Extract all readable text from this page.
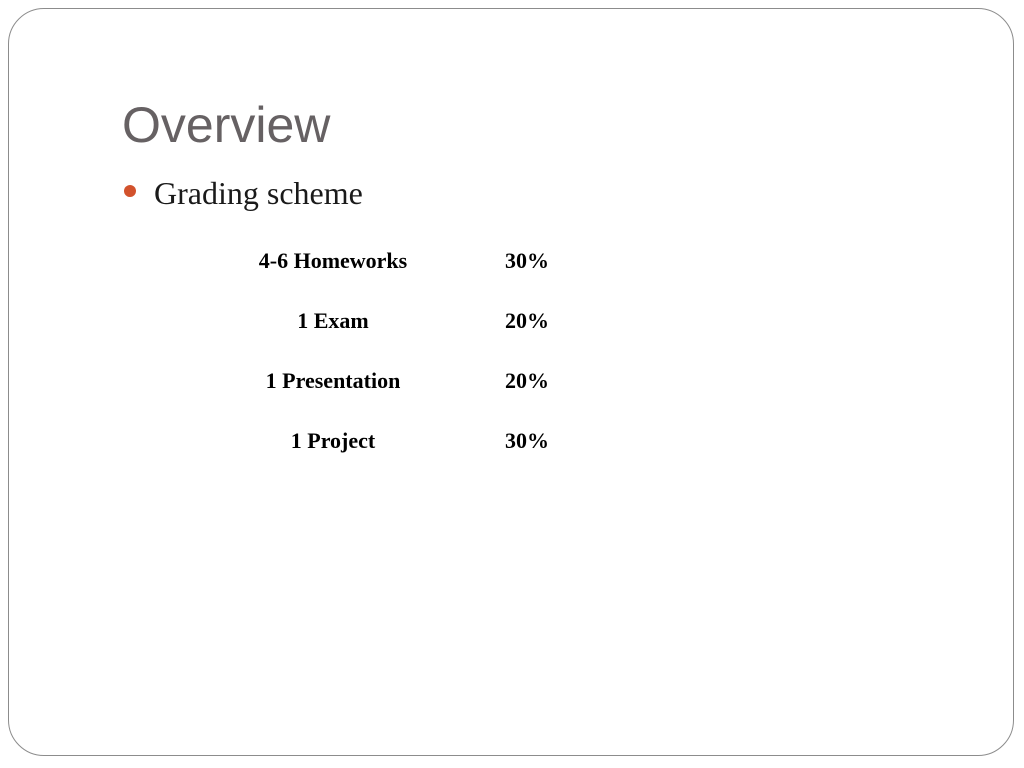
Overview
Grading scheme
4-6 Homeworks	30%
1 Exam	20%
1 Presentation	20%
1 Project	30%
